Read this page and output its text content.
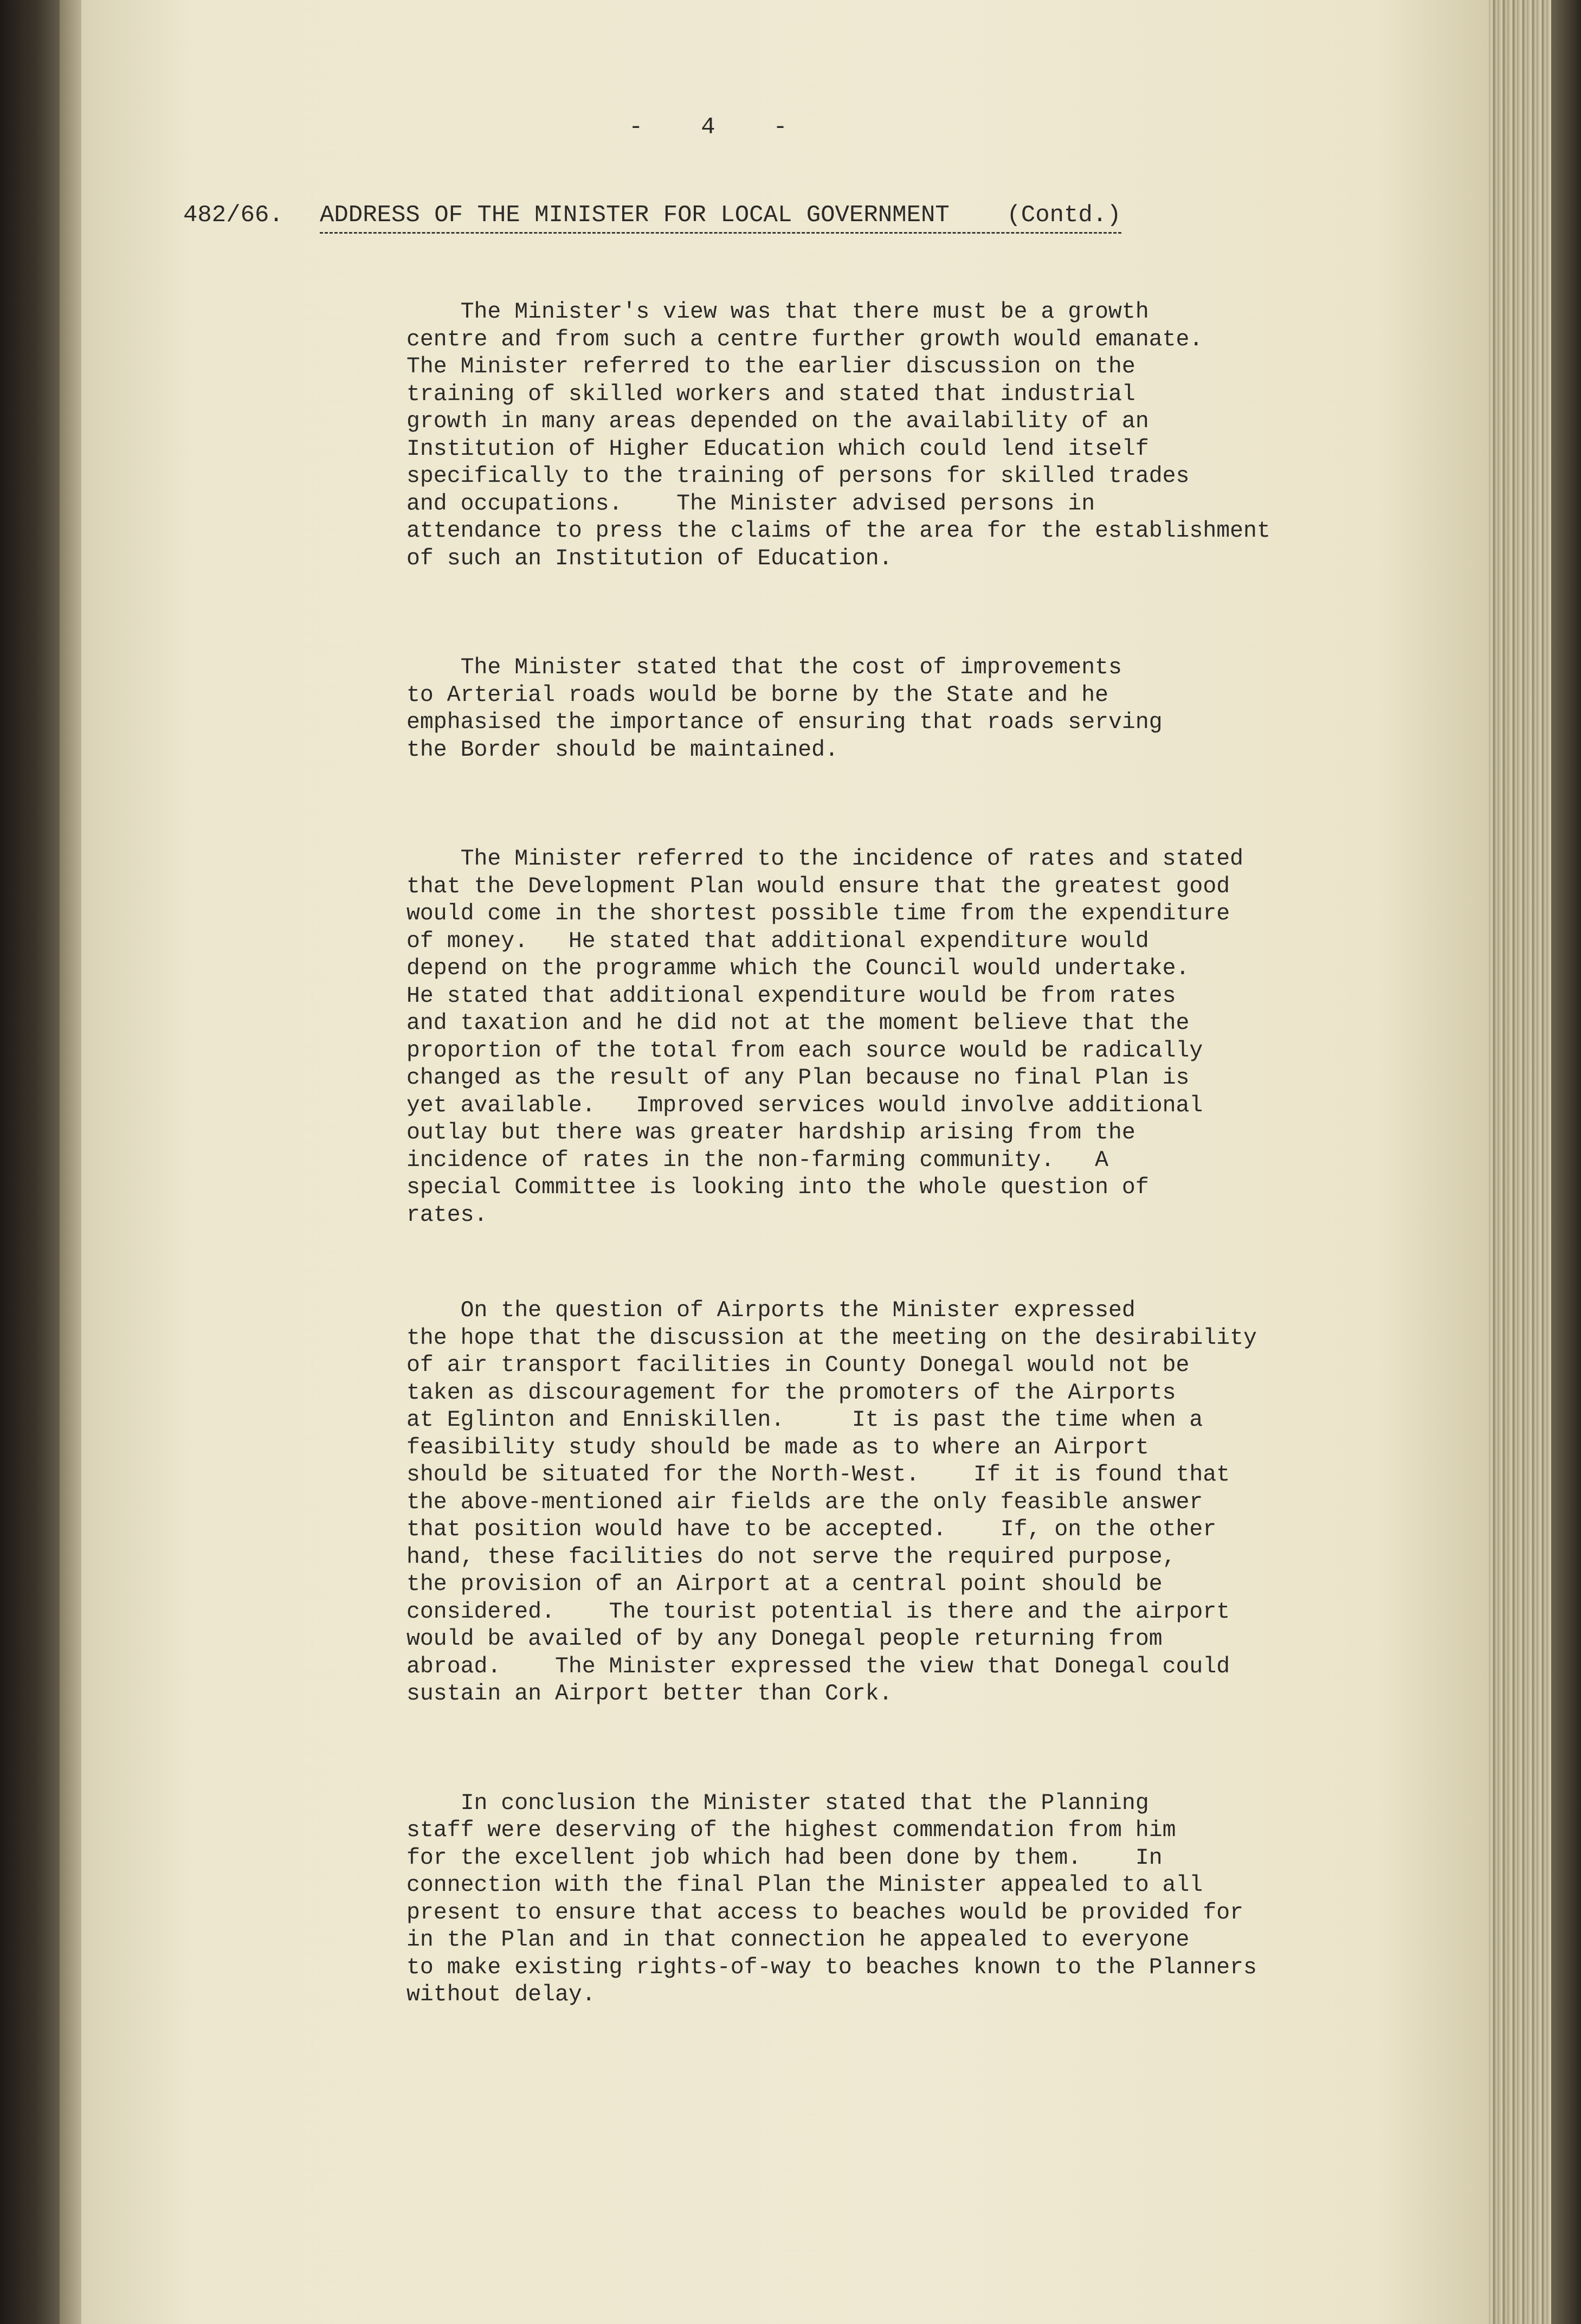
-  4  -
482/66. ADDRESS OF THE MINISTER FOR LOCAL GOVERNMENT    (Contd.)

The Minister's view was that there must be a growth
centre and from such a centre further growth would emanate.
The Minister referred to the earlier discussion on the
training of skilled workers and stated that industrial
growth in many areas depended on the availability of an
Institution of Higher Education which could lend itself
specifically to the training of persons for skilled trades
and occupations.    The Minister advised persons in
attendance to press the claims of the area for the establishment
of such an Institution of Education.

The Minister stated that the cost of improvements
to Arterial roads would be borne by the State and he
emphasised the importance of ensuring that roads serving
the Border should be maintained.

The Minister referred to the incidence of rates and stated
that the Development Plan would ensure that the greatest good
would come in the shortest possible time from the expenditure
of money.   He stated that additional expenditure would
depend on the programme which the Council would undertake.
He stated that additional expenditure would be from rates
and taxation and he did not at the moment believe that the
proportion of the total from each source would be radically
changed as the result of any Plan because no final Plan is
yet available.   Improved services would involve additional
outlay but there was greater hardship arising from the
incidence of rates in the non-farming community.   A
special Committee is looking into the whole question of
rates.

On the question of Airports the Minister expressed
the hope that the discussion at the meeting on the desirability
of air transport facilities in County Donegal would not be
taken as discouragement for the promoters of the Airports
at Eglinton and Enniskillen.     It is past the time when a
feasibility study should be made as to where an Airport
should be situated for the North-West.    If it is found that
the above-mentioned air fields are the only feasible answer
that position would have to be accepted.    If, on the other
hand, these facilities do not serve the required purpose,
the provision of an Airport at a central point should be
considered.    The tourist potential is there and the airport
would be availed of by any Donegal people returning from
abroad.    The Minister expressed the view that Donegal could
sustain an Airport better than Cork.

In conclusion the Minister stated that the Planning
staff were deserving of the highest commendation from him
for the excellent job which had been done by them.    In
connection with the final Plan the Minister appealed to all
present to ensure that access to beaches would be provided for
in the Plan and in that connection he appealed to everyone
to make existing rights-of-way to beaches known to the Planners
without delay.
